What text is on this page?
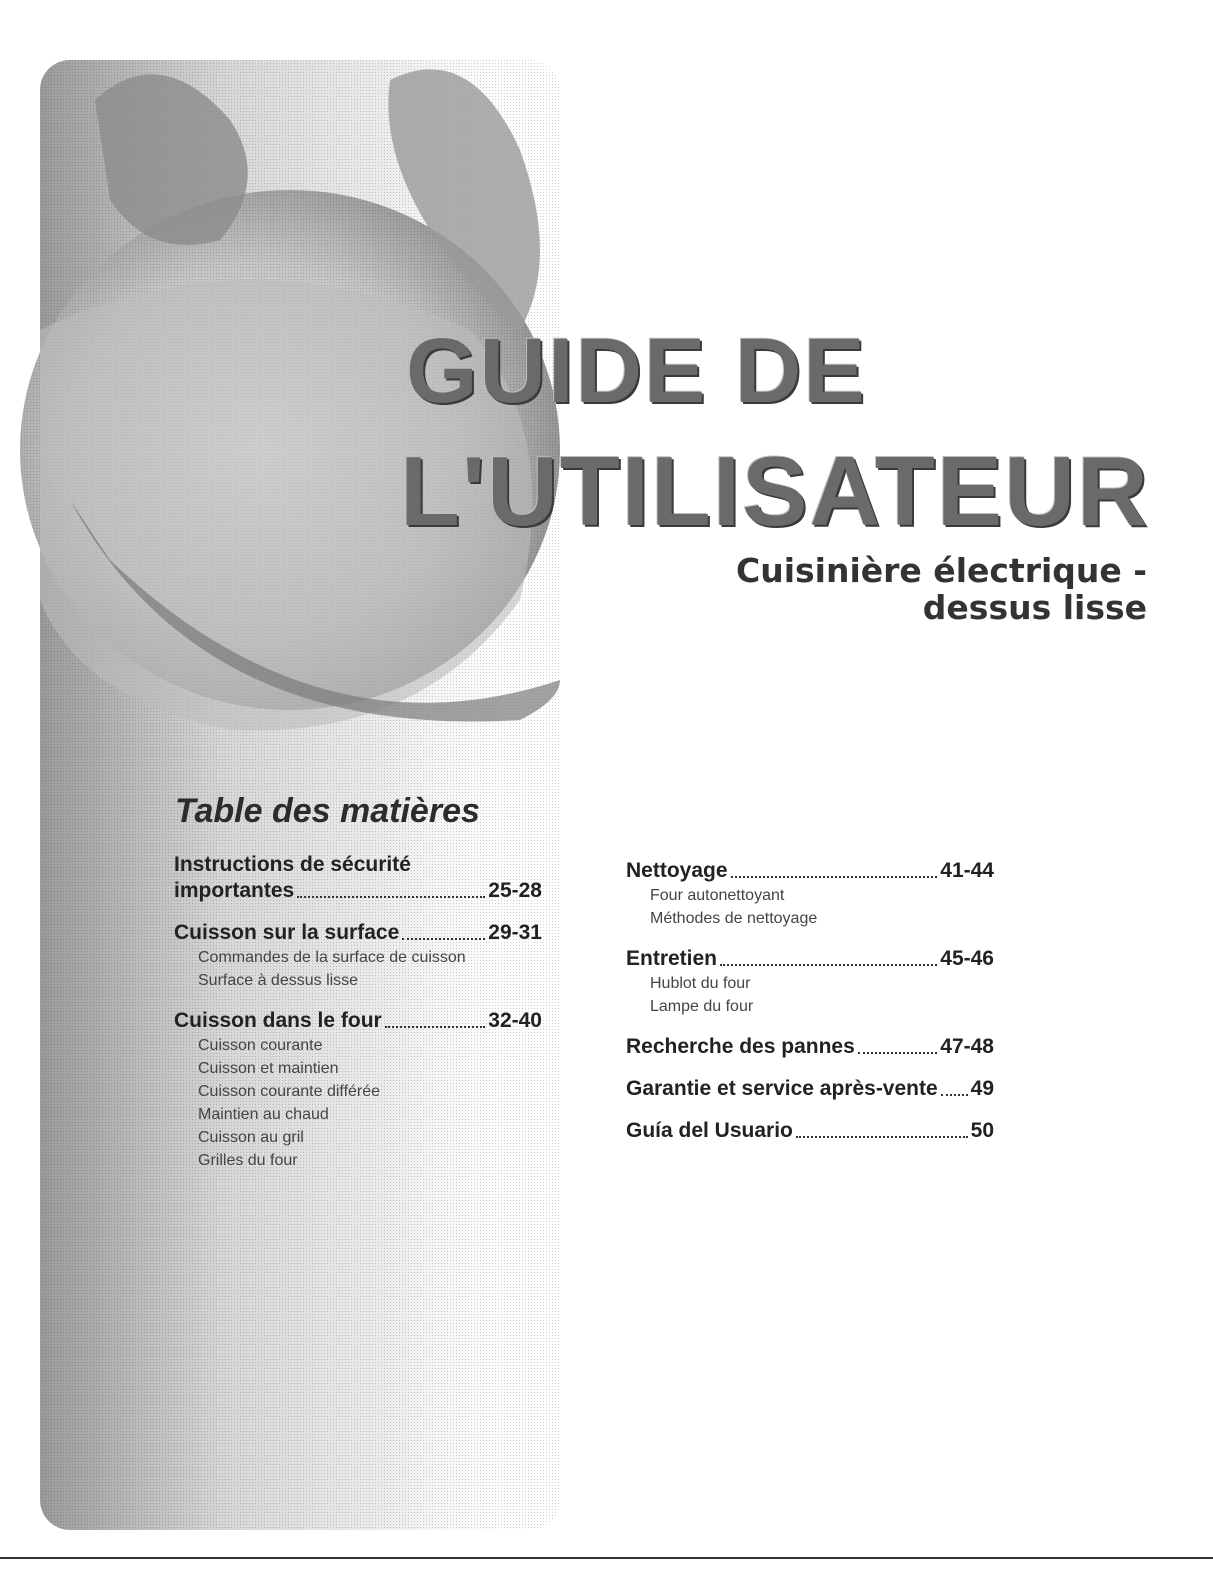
GUIDE DE
L'UTILISATEUR
Cuisinière électrique -
dessus lisse
Table des matières
Instructions de sécurité
importantes	25-28
Cuisson sur la surface	29-31
Commandes de la surface de cuisson
Surface à dessus lisse
Cuisson dans le four	32-40
Cuisson courante
Cuisson et maintien
Cuisson courante différée
Maintien au chaud
Cuisson au gril
Grilles du four
Nettoyage	41-44
Four autonettoyant
Méthodes de nettoyage
Entretien	45-46
Hublot du four
Lampe du four
Recherche des pannes	47-48
Garantie et service après-vente 49
Guía del Usuario	50
